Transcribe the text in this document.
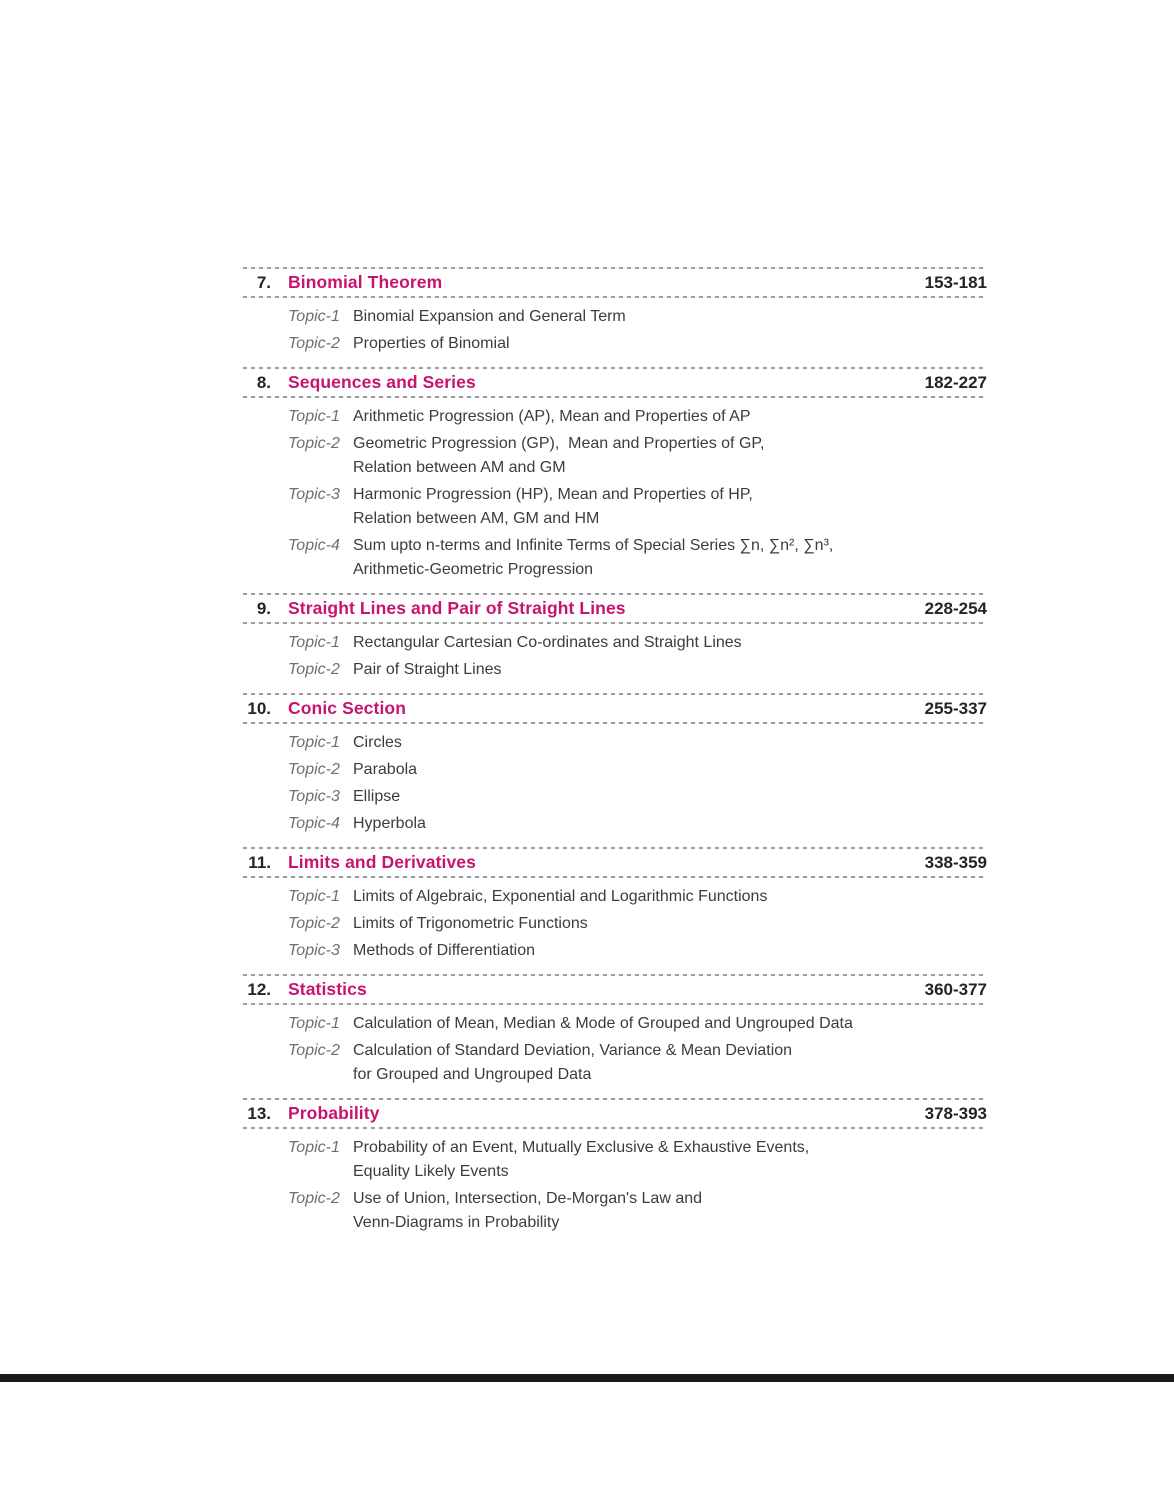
7. Binomial Theorem	153-181
Topic-1 Binomial Expansion and General Term
Topic-2 Properties of Binomial
8. Sequences and Series	182-227
Topic-1 Arithmetic Progression (AP), Mean and Properties of AP
Topic-2 Geometric Progression (GP),  Mean and Properties of GP,
Relation between AM and GM
Topic-3 Harmonic Progression (HP), Mean and Properties of HP,
Relation between AM, GM and HM
Topic-4 Sum upto n-terms and Infinite Terms of Special Series ∑n, ∑n², ∑n³,
Arithmetic-Geometric Progression
9. Straight Lines and Pair of Straight Lines	228-254
Topic-1 Rectangular Cartesian Co-ordinates and Straight Lines
Topic-2 Pair of Straight Lines
10. Conic Section	255-337
Topic-1 Circles
Topic-2 Parabola
Topic-3 Ellipse
Topic-4 Hyperbola
11. Limits and Derivatives	338-359
Topic-1 Limits of Algebraic, Exponential and Logarithmic Functions
Topic-2 Limits of Trigonometric Functions
Topic-3 Methods of Differentiation
12. Statistics	360-377
Topic-1 Calculation of Mean, Median & Mode of Grouped and Ungrouped Data
Topic-2 Calculation of Standard Deviation, Variance & Mean Deviation
for Grouped and Ungrouped Data
13. Probability	378-393
Topic-1 Probability of an Event, Mutually Exclusive & Exhaustive Events,
Equality Likely Events
Topic-2 Use of Union, Intersection, De-Morgan's Law and
Venn-Diagrams in Probability
